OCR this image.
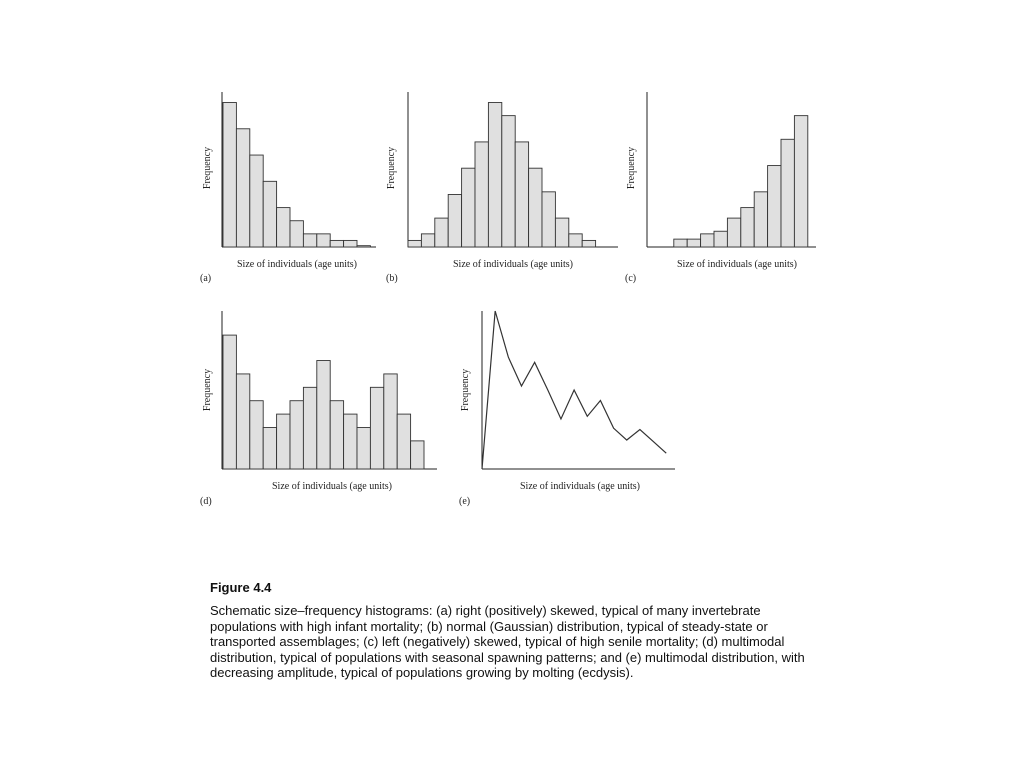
Frequency
Size of individuals (age units)
(a)
Frequency
Size of individuals (age units)
(b)
Frequency
Size of individuals (age units)
(c)
Frequency
Size of individuals (age units)
(d)
Frequency
Size of individuals (age units)
(e)

Figure 4.4

Schematic size–frequency histograms: (a) right (positively) skewed, typical of many invertebrate populations with high infant mortality; (b) normal (Gaussian) distribution, typical of steady-state or transported assemblages; (c) left (negatively) skewed, typical of high senile mortality; (d) multimodal distribution, typical of populations with seasonal spawning patterns; and (e) multimodal distribution, with decreasing amplitude, typical of populations growing by molting (ecdysis).
